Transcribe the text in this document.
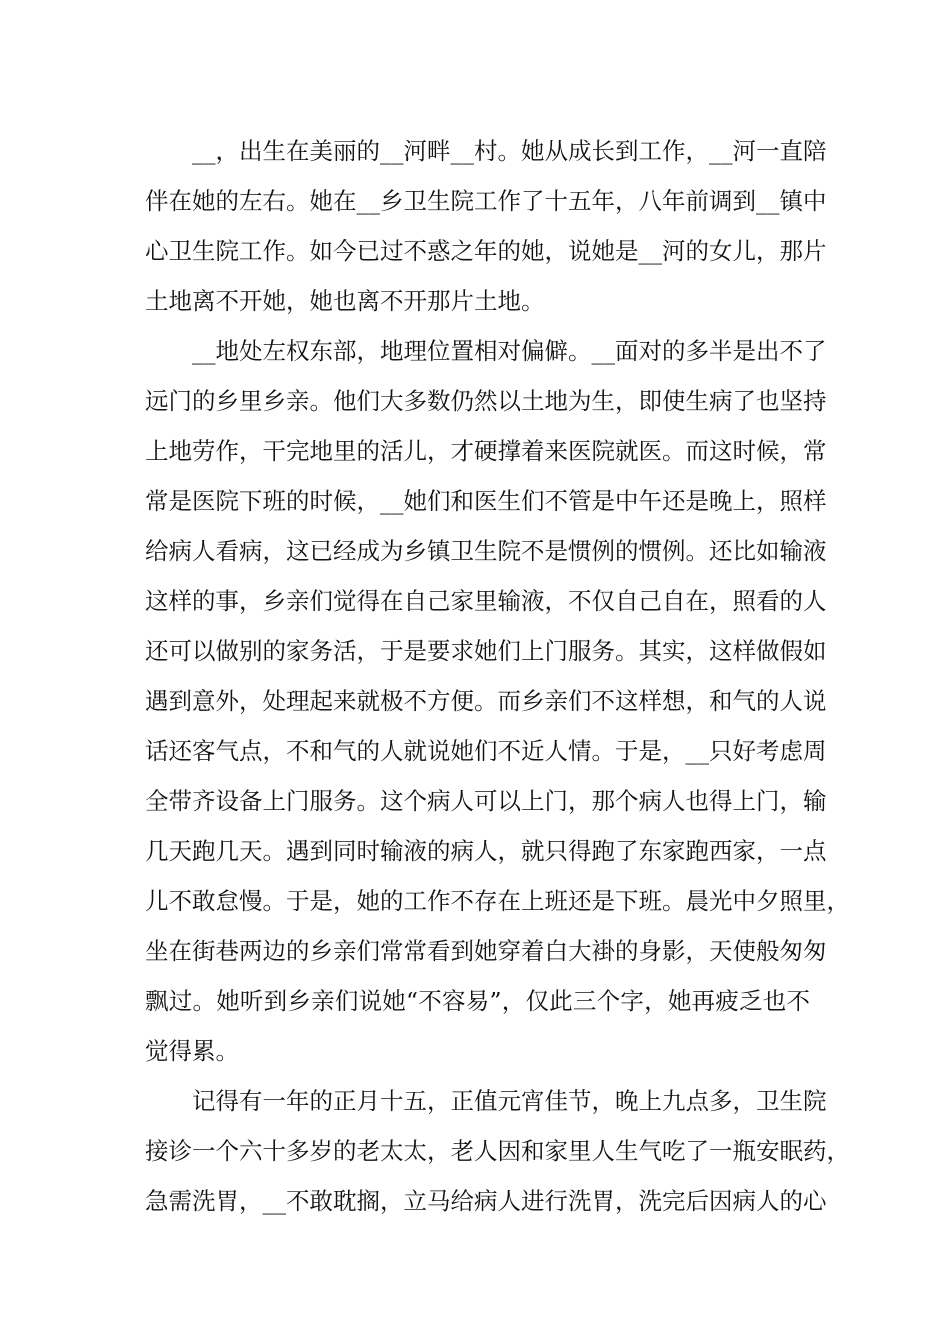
__，出生在美丽的__河畔__村。她从成长到工作，__河一直陪
伴在她的左右。她在__乡卫生院工作了十五年，八年前调到__镇中
心卫生院工作。如今已过不惑之年的她，说她是__河的女儿，那片
土地离不开她，她也离不开那片土地。
__地处左权东部，地理位置相对偏僻。__面对的多半是出不了
远门的乡里乡亲。他们大多数仍然以土地为生，即使生病了也坚持
上地劳作，干完地里的活儿，才硬撑着来医院就医。而这时候，常
常是医院下班的时候，__她们和医生们不管是中午还是晚上，照样
给病人看病，这已经成为乡镇卫生院不是惯例的惯例。还比如输液
这样的事，乡亲们觉得在自己家里输液，不仅自己自在，照看的人
还可以做别的家务活，于是要求她们上门服务。其实，这样做假如
遇到意外，处理起来就极不方便。而乡亲们不这样想，和气的人说
话还客气点，不和气的人就说她们不近人情。于是，__只好考虑周
全带齐设备上门服务。这个病人可以上门，那个病人也得上门，输
几天跑几天。遇到同时输液的病人，就只得跑了东家跑西家，一点
儿不敢怠慢。于是，她的工作不存在上班还是下班。晨光中夕照里，
坐在街巷两边的乡亲们常常看到她穿着白大褂的身影，天使般匆匆
飘过。她听到乡亲们说她“不容易”，仅此三个字，她再疲乏也不
觉得累。
记得有一年的正月十五，正值元宵佳节，晚上九点多，卫生院
接诊一个六十多岁的老太太，老人因和家里人生气吃了一瓶安眠药，
急需洗胃，__不敢耽搁，立马给病人进行洗胃，洗完后因病人的心
